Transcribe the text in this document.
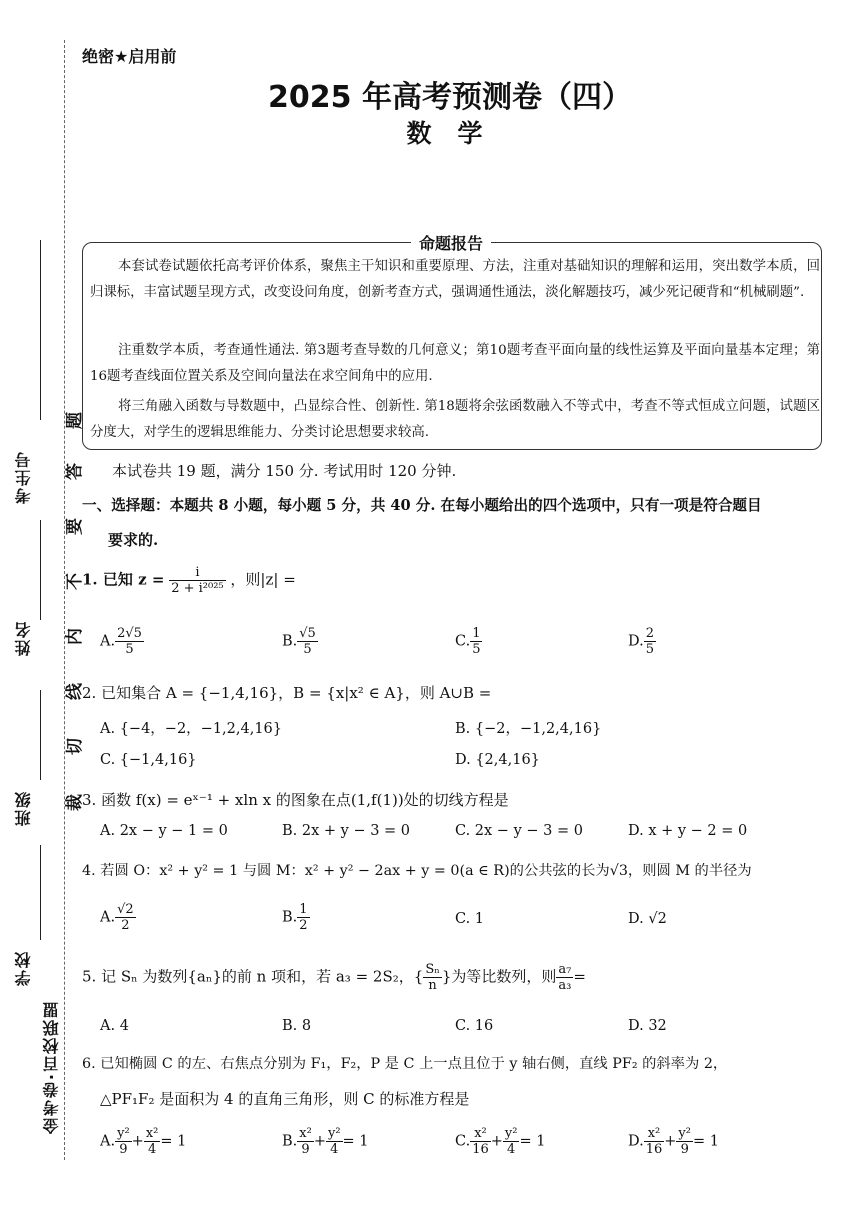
考生号
姓名
班级
学校
金考卷·百校联盟
题
答
要
不
内
线
切
裁
绝密★启用前
2025 年高考预测卷（四）
数学
命题报告
本套试卷试题依托高考评价体系，聚焦主干知识和重要原理、方法，注重对基础知识的理解和运用，突出数学本质，回归课标，丰富试题呈现方式，改变设问角度，创新考查方式，强调通性通法，淡化解题技巧，减少死记硬背和“机械刷题”.
注重数学本质，考查通性通法. 第3题考查导数的几何意义；第10题考查平面向量的线性运算及平面向量基本定理；第16题考查线面位置关系及空间向量法在求空间角中的应用.
将三角融入函数与导数题中，凸显综合性、创新性. 第18题将余弦函数融入不等式中，考查不等式恒成立问题，试题区分度大，对学生的逻辑思维能力、分类讨论思想要求较高.
本试卷共 19 题，满分 150 分. 考试用时 120 分钟.
一、选择题：本题共 8 小题，每小题 5 分，共 40 分. 在每小题给出的四个选项中，只有一项是符合题目
要求的.
1. 已知 $z = \frac{i}{\text{2 + i²⁰²⁵}}$ ，则|z| =
A. $\frac{2√5}{5}$	B. $\frac{√5}{5}$	C. $\frac{1}{5}$	D. $\frac{2}{5}$
2. 已知集合 A = {−1,4,16}，B = {x|x² ∈ A}，则 A∪B =
A. {−4，−2，−1,2,4,16}	B. {−2，−1,2,4,16}
C. {−1,4,16}	D. {2,4,16}
3. 函数 f(x) = eˣ⁻¹ + xln x 的图象在点(1,f(1))处的切线方程是
A. 2x − y − 1 = 0	B. 2x + y − 3 = 0	C. 2x − y − 3 = 0	D. x + y − 2 = 0
4. 若圆 O：x² + y² = 1 与圆 M：x² + y² − 2ax + y = 0(a ∈ R)的公共弦的长为√3，则圆 M 的半径为
A. $\frac{√2}{2}$	B. $\frac{1}{2}$	C. 1	D. √2
5. 记 Sₙ 为数列{aₙ}的前 n 项和，若 a₃ = 2S₂，{ $\frac{\text{Sₙ}}{n}$ }为等比数列，则 $\frac{\text{a₇}}{\text{a₃}}$ =
A. 4	B. 8	C. 16	D. 32
6. 已知椭圆 C 的左、右焦点分别为 F₁，F₂，P 是 C 上一点且位于 y 轴右侧，直线 PF₂ 的斜率为 2，
△PF₁F₂ 是面积为 4 的直角三角形，则 C 的标准方程是
A. $\frac{\text{y²}}{9} + \frac{\text{x²}}{4} = 1$	B. $\frac{\text{x²}}{9} + \frac{\text{y²}}{4} = 1$	C. $\frac{\text{x²}}{16} + \frac{\text{y²}}{4} = 1$	D. $\frac{\text{x²}}{16} + \frac{\text{y²}}{9} = 1$
